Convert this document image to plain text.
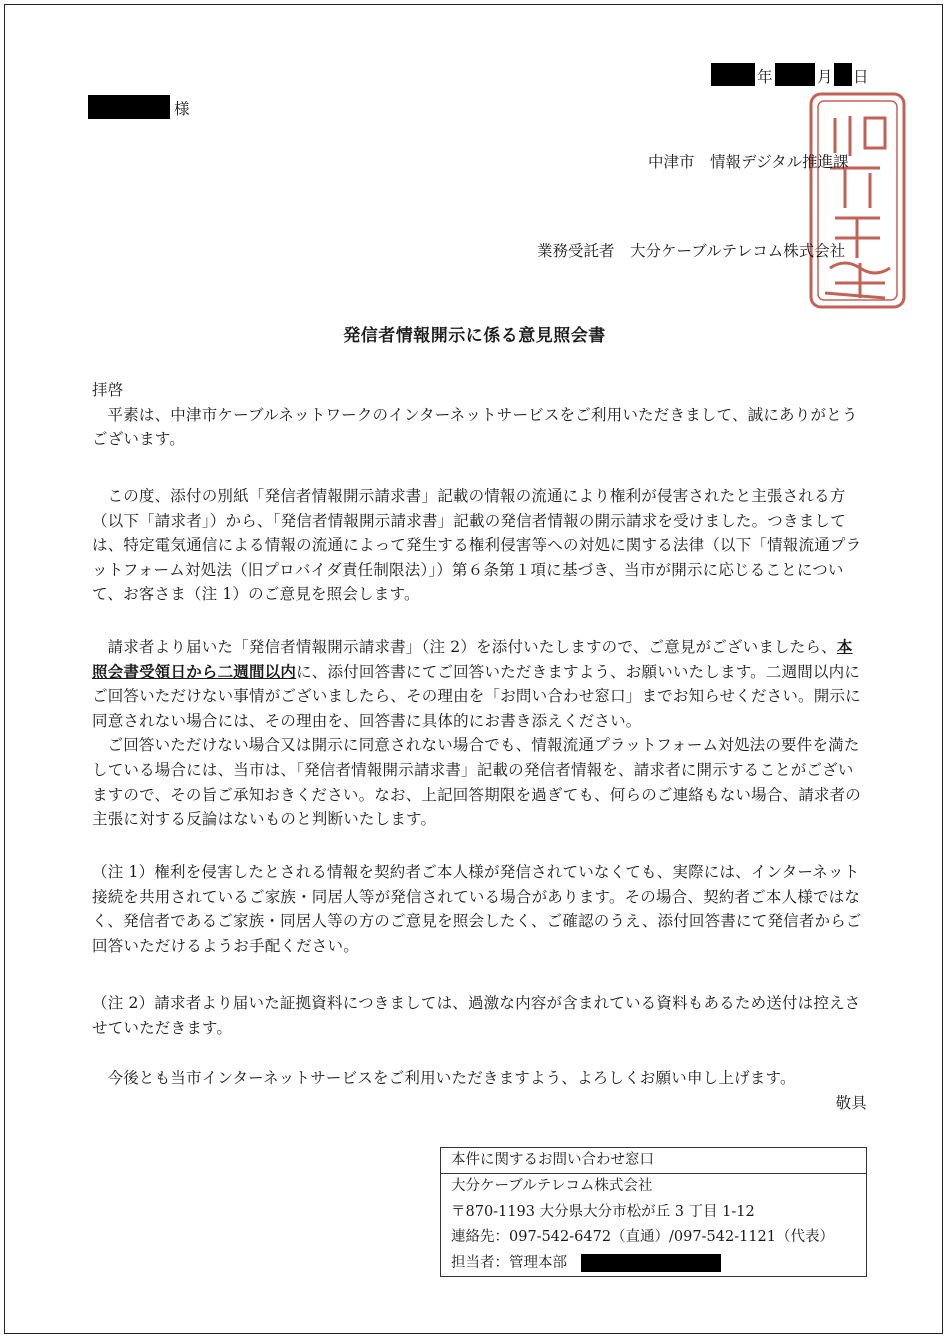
年	月 日
様
中津市　情報デジタル推進課
業務受託者　大分ケーブルテレコム株式会社
発信者情報開示に係る意見照会書

拝啓

平素は、中津市ケーブルネットワークのインターネットサービスをご利用いただきまして、誠にありがとうございます。

この度、添付の別紙「発信者情報開示請求書」記載の情報の流通により権利が侵害されたと主張される方（以下「請求者」）から、「発信者情報開示請求書」記載の発信者情報の開示請求を受けました。つきましては、特定電気通信による情報の流通によって発生する権利侵害等への対処に関する法律（以下「情報流通プラットフォーム対処法（旧プロバイダ責任制限法）」）第６条第１項に基づき、当市が開示に応じることについて、お客さま（注 1）のご意見を照会します。

請求者より届いた「発信者情報開示請求書」（注 2）を添付いたしますので、ご意見がございましたら、本照会書受領日から二週間以内に、添付回答書にてご回答いただきますよう、お願いいたします。二週間以内にご回答いただけない事情がございましたら、その理由を「お問い合わせ窓口」までお知らせください。開示に同意されない場合には、その理由を、回答書に具体的にお書き添えください。

ご回答いただけない場合又は開示に同意されない場合でも、情報流通プラットフォーム対処法の要件を満たしている場合には、当市は、「発信者情報開示請求書」記載の発信者情報を、請求者に開示することがございますので、その旨ご承知おきください。なお、上記回答期限を過ぎても、何らのご連絡もない場合、請求者の主張に対する反論はないものと判断いたします。

（注 1）権利を侵害したとされる情報を契約者ご本人様が発信されていなくても、実際には、インターネット接続を共用されているご家族・同居人等が発信されている場合があります。その場合、契約者ご本人様ではなく、発信者であるご家族・同居人等の方のご意見を照会したく、ご確認のうえ、添付回答書にて発信者からご回答いただけるようお手配ください。

（注 2）請求者より届いた証拠資料につきましては、過激な内容が含まれている資料もあるため送付は控えさせていただきます。

今後とも当市インターネットサービスをご利用いただきますよう、よろしくお願い申し上げます。

敬具

本件に関するお問い合わせ窓口
大分ケーブルテレコム株式会社
〒870-1193 大分県大分市松が丘 3 丁目 1-12
連絡先：097-542-6472（直通）/097-542-1121（代表）
担当者：管理本部
